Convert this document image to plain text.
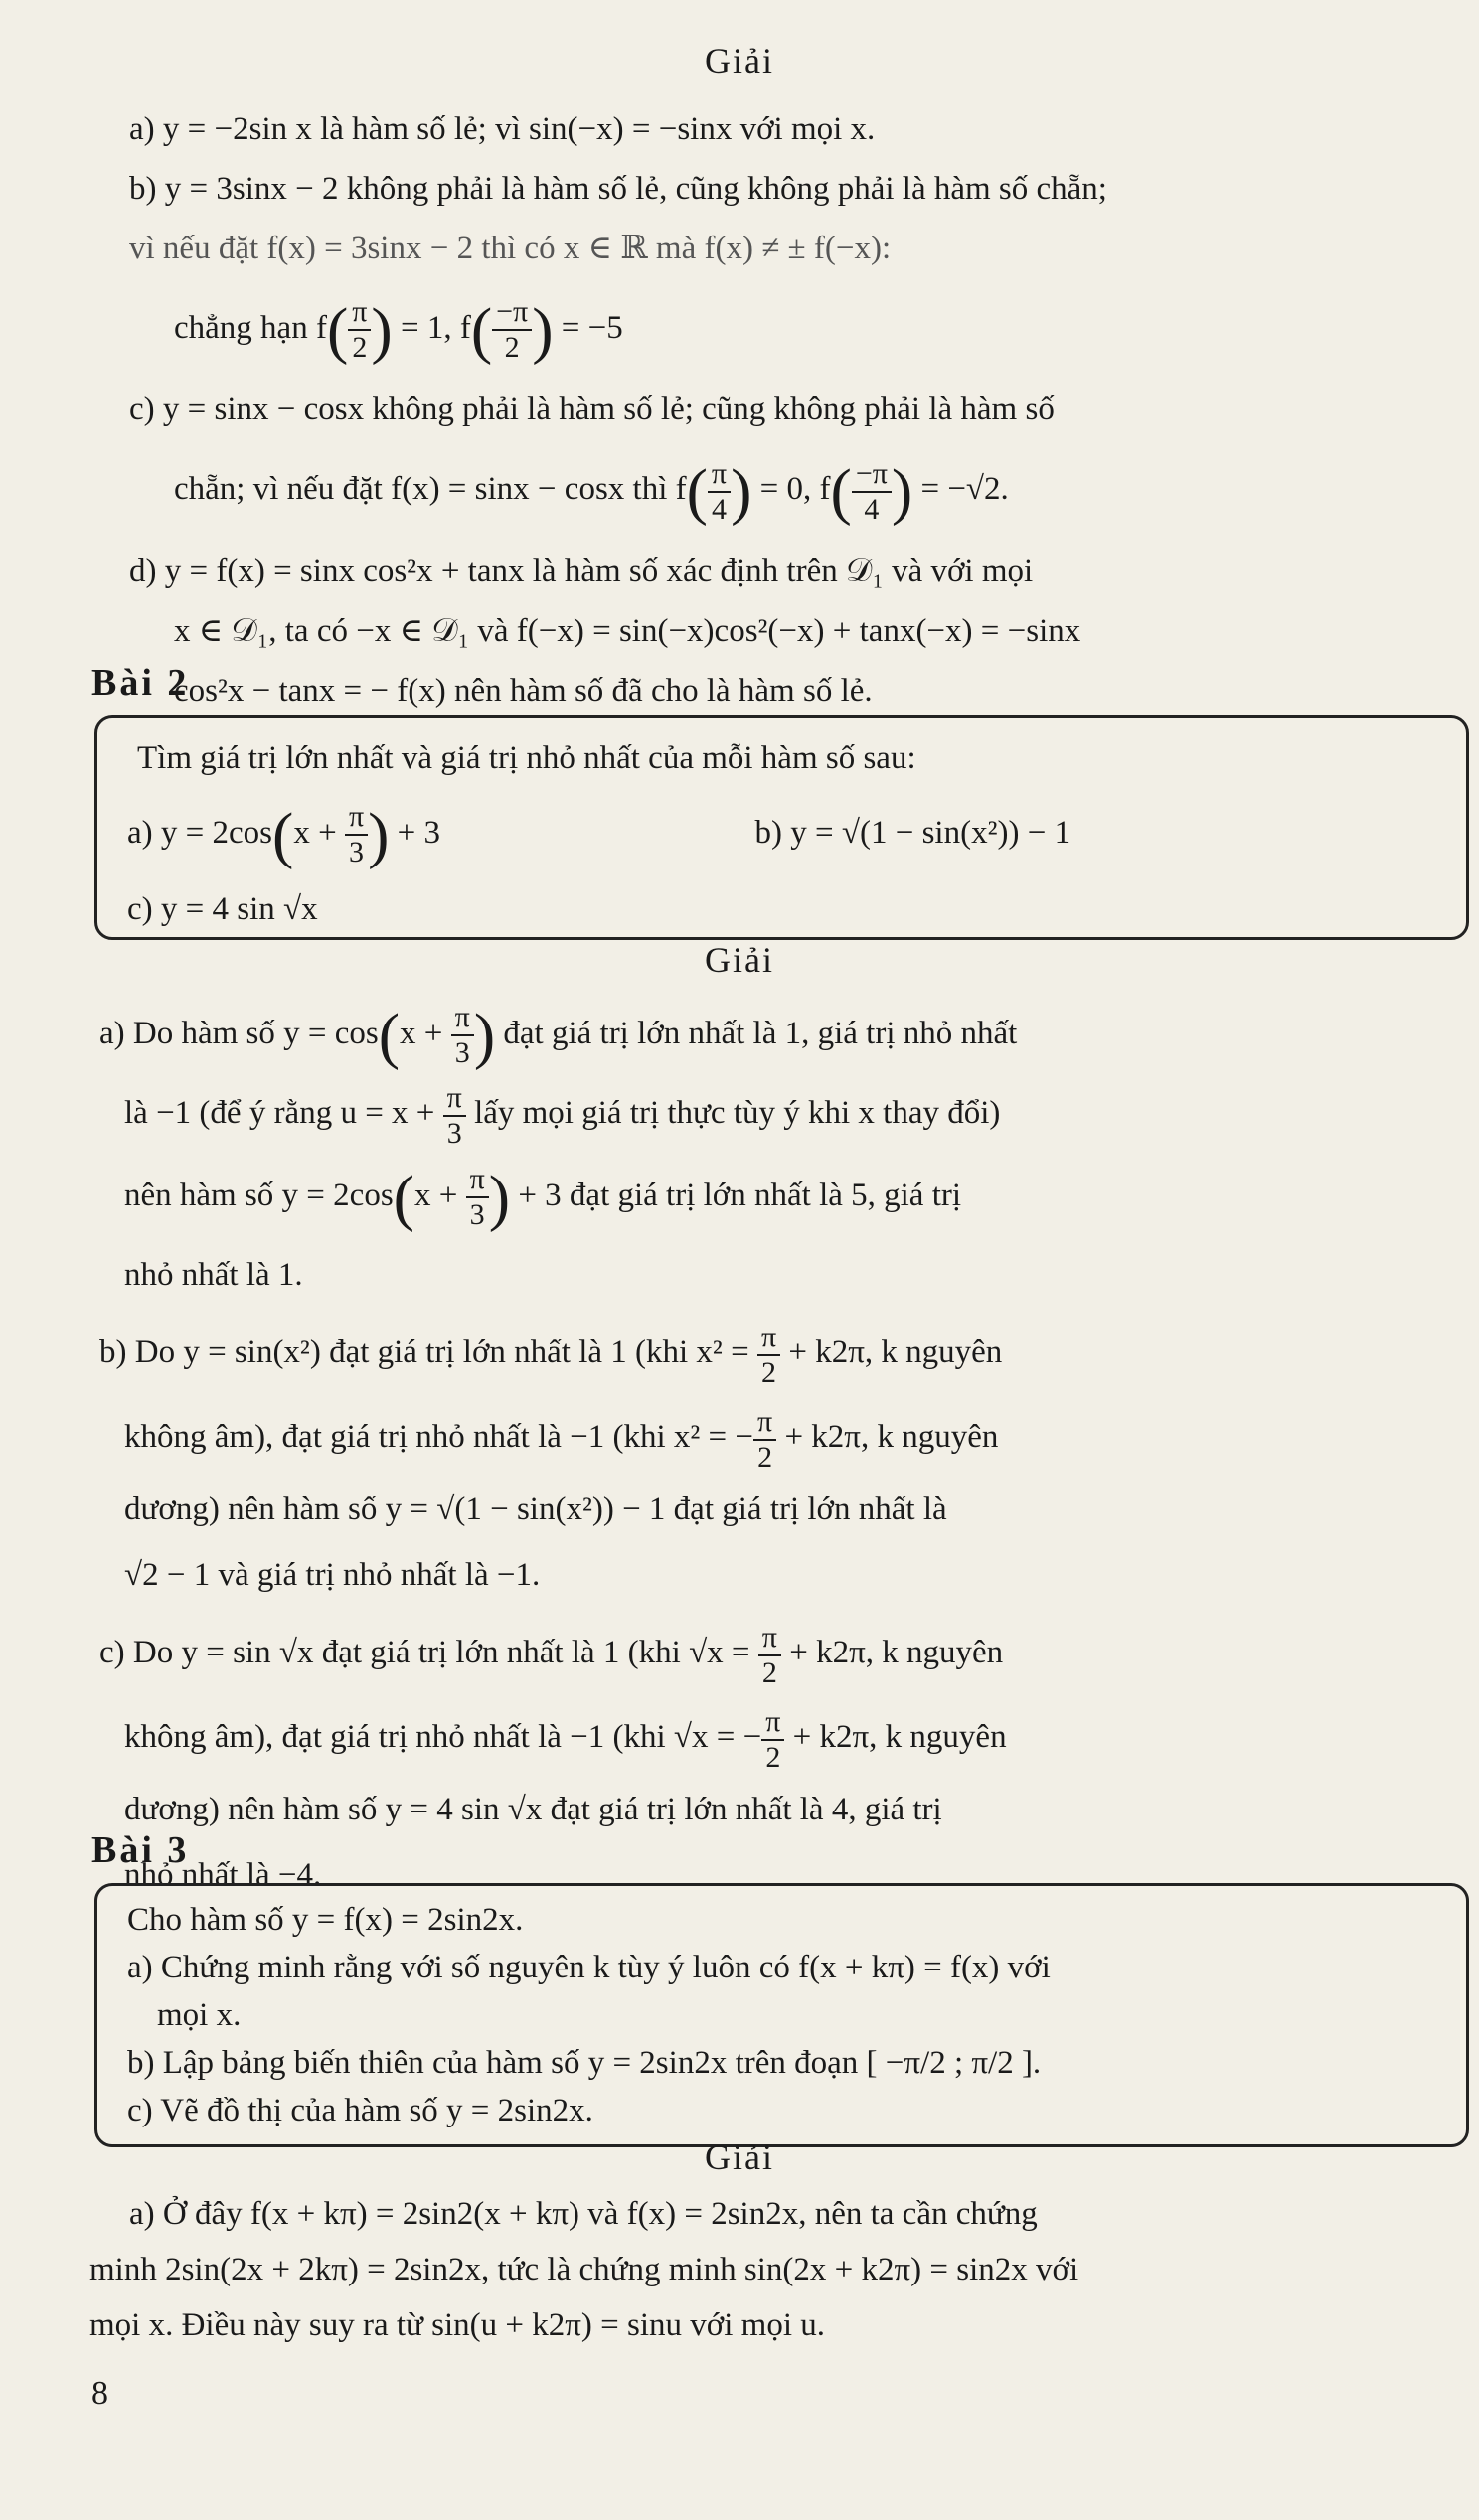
Giải
a) y = −2sin x là hàm số lẻ; vì sin(−x) = −sinx với mọi x.
b) y = 3sinx − 2 không phải là hàm số lẻ, cũng không phải là hàm số chẵn;
vì nếu đặt f(x) = 3sinx − 2 thì có x ∈ ℝ mà f(x) ≠ ± f(−x):
chẳng hạn $f( \frac{\pi}{2}$ ) = 1, $f( \frac{-\pi}{2}$ ) = −5
c) y = sinx − cosx không phải là hàm số lẻ; cũng không phải là hàm số
chẵn; vì nếu đặt f(x) = sinx − cosx thì $f( \frac{\pi}{4}$ ) = 0, $f( \frac{-\pi}{4}$ ) = −√2.
d) y = f(x) = sinx cos²x + tanx là hàm số xác định trên 𝒟₁ và với mọi
x ∈ 𝒟₁, ta có −x ∈ 𝒟₁ và f(−x) = sin(−x)cos²(−x) + tanx(−x) = −sinx
cos²x − tanx = − f(x) nên hàm số đã cho là hàm số lẻ.
Bài 2
Tìm giá trị lớn nhất và giá trị nhỏ nhất của mỗi hàm số sau:
a) $y = 2\cos(x + \frac{\pi}{3}$ ) + 3	b) y = √(1 − sin(x²)) − 1
c) y = 4 sin √x
Giải
a) Do hàm số $y = \cos(x + \frac{\pi}{3}$ ) đạt giá trị lớn nhất là 1, giá trị nhỏ nhất
là −1 (để ý rằng $u = x + \frac{\pi}{3}$ lấy mọi giá trị thực tùy ý khi x thay đổi)
nên hàm số $y = 2\cos(x + \frac{\pi}{3}$ ) + 3 đạt giá trị lớn nhất là 5, giá trị
nhỏ nhất là 1.
b) Do y = sin(x²) đạt giá trị lớn nhất là 1 (khi $x^2 = \frac{\pi}{2} + k2\pi$, k nguyên
không âm), đạt giá trị nhỏ nhất là −1 (khi x² = − $\frac{\pi}{2} + k2\pi$, k nguyên
dương) nên hàm số y = √(1 − sin(x²)) − 1 đạt giá trị lớn nhất là
√2 − 1 và giá trị nhỏ nhất là −1.
c) Do y = sin √x đạt giá trị lớn nhất là 1 (khi $√x = \frac{\pi}{2} + k2\pi$, k nguyên
không âm), đạt giá trị nhỏ nhất là −1 (khi √x = − $\frac{\pi}{2} + k2\pi$, k nguyên
dương) nên hàm số y = 4 sin √x đạt giá trị lớn nhất là 4, giá trị
nhỏ nhất là −4.
Bài 3
Cho hàm số y = f(x) = 2sin2x.
a) Chứng minh rằng với số nguyên k tùy ý luôn có f(x + kπ) = f(x) với
mọi x.
b) Lập bảng biến thiên của hàm số y = 2sin2x trên đoạn [ −π/2 ; π/2 ].
c) Vẽ đồ thị của hàm số y = 2sin2x.
Giải
a) Ở đây f(x + kπ) = 2sin2(x + kπ) và f(x) = 2sin2x, nên ta cần chứng
minh 2sin(2x + 2kπ) = 2sin2x, tức là chứng minh sin(2x + k2π) = sin2x với
mọi x. Điều này suy ra từ sin(u + k2π) = sinu với mọi u.
8
